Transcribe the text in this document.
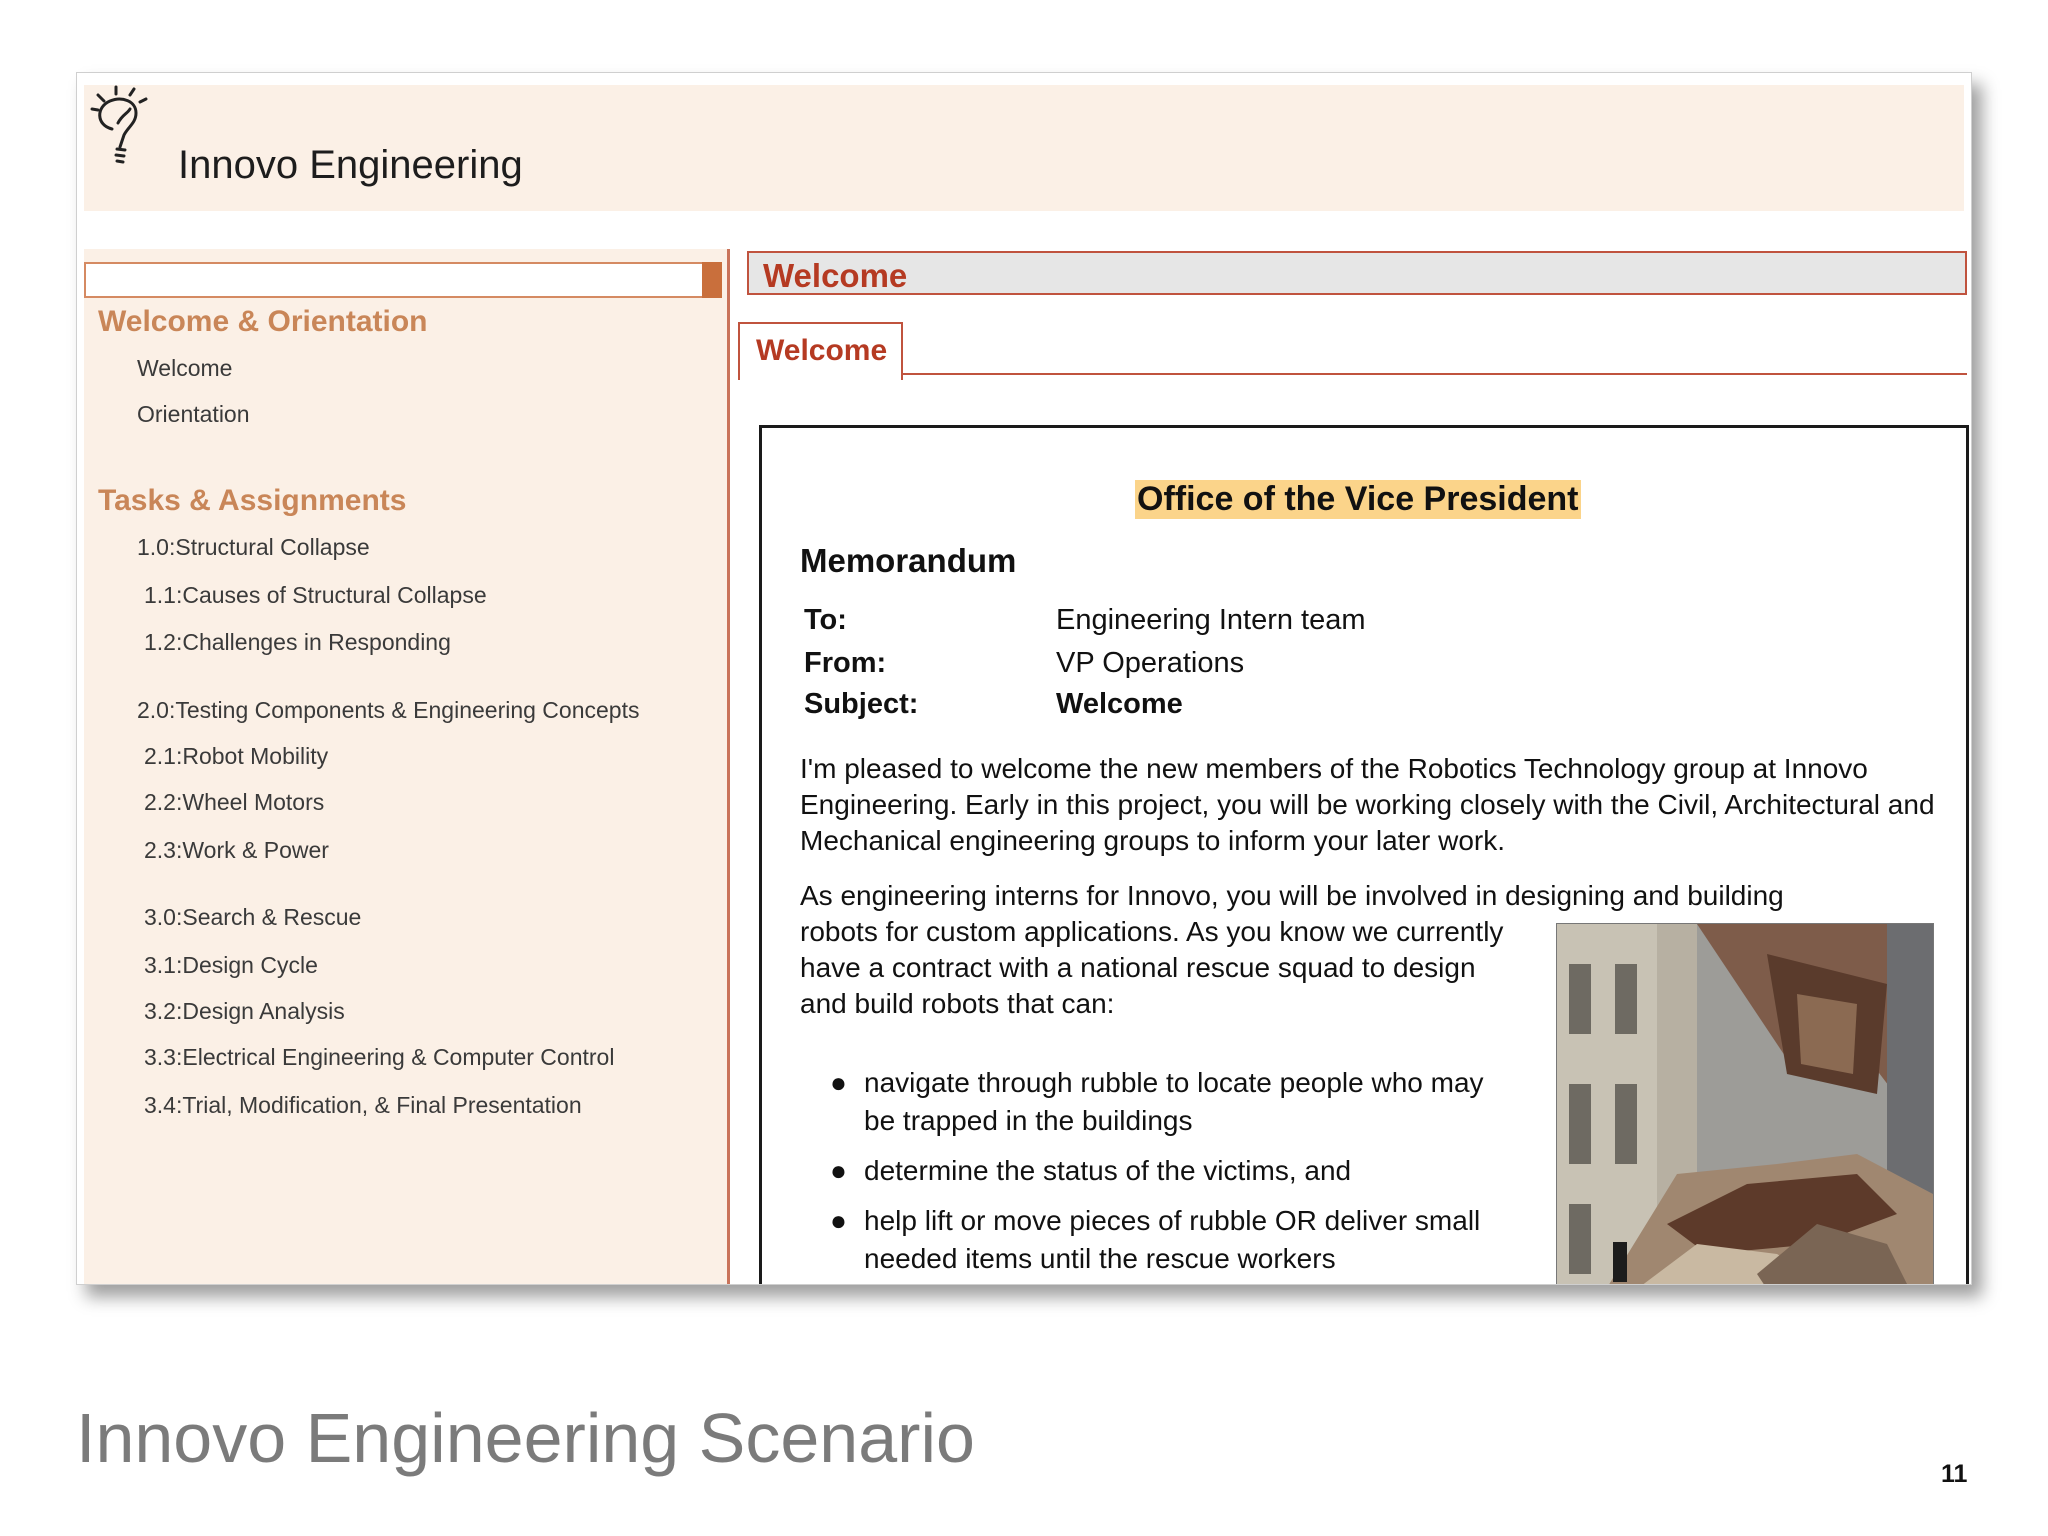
Innovo Engineering
Welcome & Orientation
Welcome
Orientation
Tasks & Assignments
1.0:Structural Collapse
1.1:Causes of Structural Collapse
1.2:Challenges in Responding
2.0:Testing Components & Engineering Concepts
2.1:Robot Mobility
2.2:Wheel Motors
2.3:Work & Power
3.0:Search & Rescue
3.1:Design Cycle
3.2:Design Analysis
3.3:Electrical Engineering & Computer Control
3.4:Trial, Modification, & Final Presentation
Welcome
Welcome
Office of the Vice President
Memorandum
To:	Engineering Intern team
From:	VP Operations
Subject:	Welcome

I'm pleased to welcome the new members of the Robotics Technology group at Innovo Engineering. Early in this project, you will be working closely with the Civil, Architectural and Mechanical engineering groups to inform your later work.

As engineering interns for Innovo, you will be involved in designing and building

robots for custom applications. As you know we currently have a contract with a national rescue squad to design and build robots that can:

● navigate through rubble to locate people who may be trapped in the buildings
● determine the status of the victims, and
● help lift or move pieces of rubble OR deliver small needed items until the rescue workers
Innovo Engineering Scenario	11
